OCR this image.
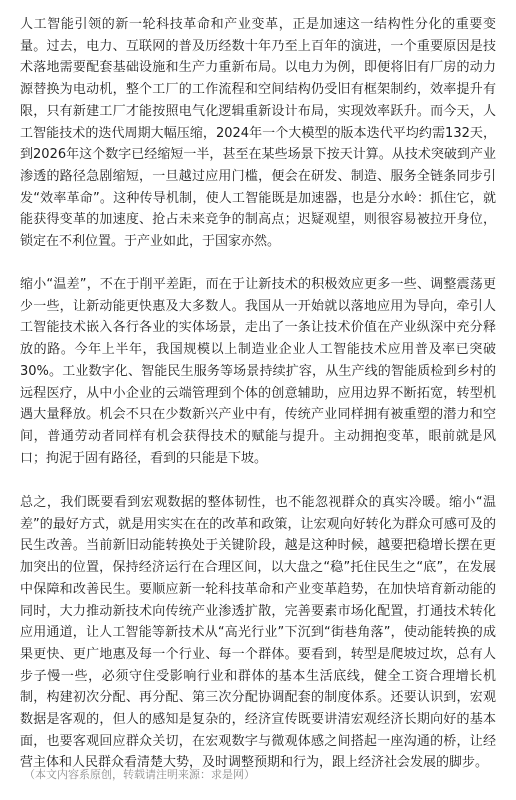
人工智能引领的新一轮科技革命和产业变革，正是加速这一结构性分化的重要变量。过去，电力、互联网的普及历经数十年乃至上百年的演进，一个重要原因是技术落地需要配套基础设施和生产力重新布局。以电力为例，即便将旧有厂房的动力源替换为电动机，整个工厂的工作流程和空间结构仍受旧有框架制约，效率提升有限，只有新建工厂才能按照电气化逻辑重新设计布局，实现效率跃升。而今天，人工智能技术的迭代周期大幅压缩，2024年一个大模型的版本迭代平均约需132天，到2026年这个数字已经缩短一半，甚至在某些场景下按天计算。从技术突破到产业渗透的路径急剧缩短，一旦越过应用门槛，便会在研发、制造、服务全链条同步引发“效率革命”。这种传导机制，使人工智能既是加速器，也是分水岭：抓住它，就能获得变革的加速度、抢占未来竞争的制高点；迟疑观望，则很容易被拉开身位，锁定在不利位置。于产业如此，于国家亦然。

缩小“温差”，不在于削平差距，而在于让新技术的积极效应更多一些、调整震荡更少一些，让新动能更快惠及大多数人。我国从一开始就以落地应用为导向，牵引人工智能技术嵌入各行各业的实体场景，走出了一条让技术价值在产业纵深中充分释放的路。今年上半年，我国规模以上制造业企业人工智能技术应用普及率已突破30%。工业数字化、智能民生服务等场景持续扩容，从生产线的智能质检到乡村的远程医疗，从中小企业的云端管理到个体的创意辅助，应用边界不断拓宽，转型机遇大量释放。机会不只在少数新兴产业中有，传统产业同样拥有被重塑的潜力和空间，普通劳动者同样有机会获得技术的赋能与提升。主动拥抱变革，眼前就是风口；拘泥于固有路径，看到的只能是下坡。

总之，我们既要看到宏观数据的整体韧性，也不能忽视群众的真实冷暖。缩小“温差”的最好方式，就是用实实在在的改革和政策，让宏观向好转化为群众可感可及的民生改善。当前新旧动能转换处于关键阶段，越是这种时候，越要把稳增长摆在更加突出的位置，保持经济运行在合理区间，以大盘之“稳”托住民生之“底”，在发展中保障和改善民生。要顺应新一轮科技革命和产业变革趋势，在加快培育新动能的同时，大力推动新技术向传统产业渗透扩散，完善要素市场化配置，打通技术转化应用通道，让人工智能等新技术从“高光行业”下沉到“街巷角落”，使动能转换的成果更快、更广地惠及每一个行业、每一个群体。要看到，转型是爬坡过坎，总有人步子慢一些，必须守住受影响行业和群体的基本生活底线，健全工资合理增长机制，构建初次分配、再分配、第三次分配协调配套的制度体系。还要认识到，宏观数据是客观的，但人的感知是复杂的，经济宣传既要讲清宏观经济长期向好的基本面，也要客观回应群众关切，在宏观数字与微观体感之间搭起一座沟通的桥，让经营主体和人民群众看清楚大势，及时调整预期和行为，跟上经济社会发展的脚步。

（本文内容系原创，转载请注明来源：求是网）
